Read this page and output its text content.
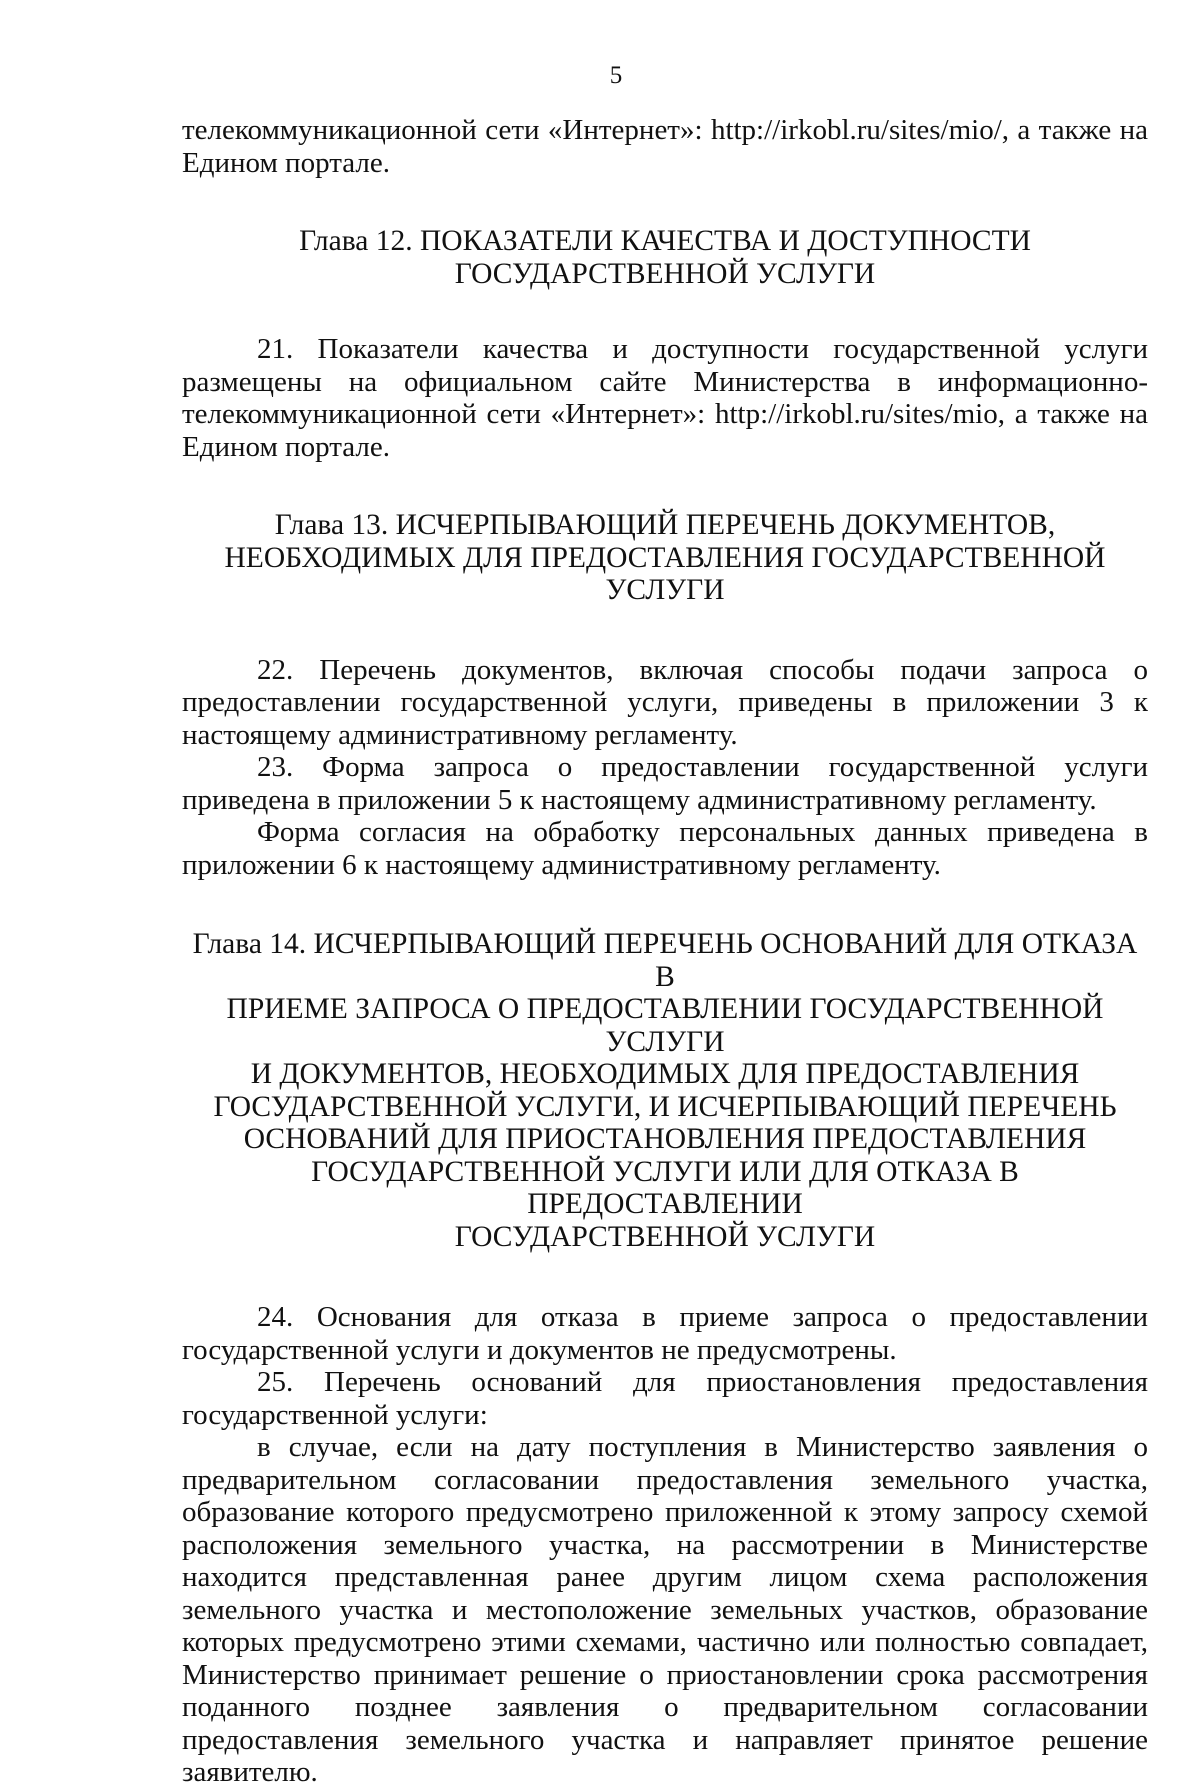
5

телекоммуникационной сети «Интернет»: http://irkobl.ru/sites/mio/, а также на Едином портале.

Глава 12. ПОКАЗАТЕЛИ КАЧЕСТВА И ДОСТУПНОСТИ
ГОСУДАРСТВЕННОЙ УСЛУГИ

21. Показатели качества и доступности государственной услуги размещены на официальном сайте Министерства в информационно-телекоммуникационной сети «Интернет»: http://irkobl.ru/sites/mio, а также на Едином портале.

Глава 13. ИСЧЕРПЫВАЮЩИЙ ПЕРЕЧЕНЬ ДОКУМЕНТОВ,
НЕОБХОДИМЫХ ДЛЯ ПРЕДОСТАВЛЕНИЯ ГОСУДАРСТВЕННОЙ
УСЛУГИ

22. Перечень документов, включая способы подачи запроса о предоставлении государственной услуги, приведены в приложении 3 к настоящему административному регламенту.

23. Форма запроса о предоставлении государственной услуги приведена в приложении 5 к настоящему административному регламенту.

Форма согласия на обработку персональных данных приведена в приложении 6 к настоящему административному регламенту.

Глава 14. ИСЧЕРПЫВАЮЩИЙ ПЕРЕЧЕНЬ ОСНОВАНИЙ ДЛЯ ОТКАЗА В
ПРИЕМЕ ЗАПРОСА О ПРЕДОСТАВЛЕНИИ ГОСУДАРСТВЕННОЙ УСЛУГИ
И ДОКУМЕНТОВ, НЕОБХОДИМЫХ ДЛЯ ПРЕДОСТАВЛЕНИЯ
ГОСУДАРСТВЕННОЙ УСЛУГИ, И ИСЧЕРПЫВАЮЩИЙ ПЕРЕЧЕНЬ
ОСНОВАНИЙ ДЛЯ ПРИОСТАНОВЛЕНИЯ ПРЕДОСТАВЛЕНИЯ
ГОСУДАРСТВЕННОЙ УСЛУГИ ИЛИ ДЛЯ ОТКАЗА В ПРЕДОСТАВЛЕНИИ
ГОСУДАРСТВЕННОЙ УСЛУГИ

24. Основания для отказа в приеме запроса о предоставлении государственной услуги и документов не предусмотрены.

25. Перечень оснований для приостановления предоставления государственной услуги:

в случае, если на дату поступления в Министерство заявления о предварительном согласовании предоставления земельного участка, образование которого предусмотрено приложенной к этому запросу схемой расположения земельного участка, на рассмотрении в Министерстве находится представленная ранее другим лицом схема расположения земельного участка и местоположение земельных участков, образование которых предусмотрено этими схемами, частично или полностью совпадает, Министерство принимает решение о приостановлении срока рассмотрения поданного позднее заявления о предварительном согласовании предоставления земельного участка и направляет принятое решение заявителю.
